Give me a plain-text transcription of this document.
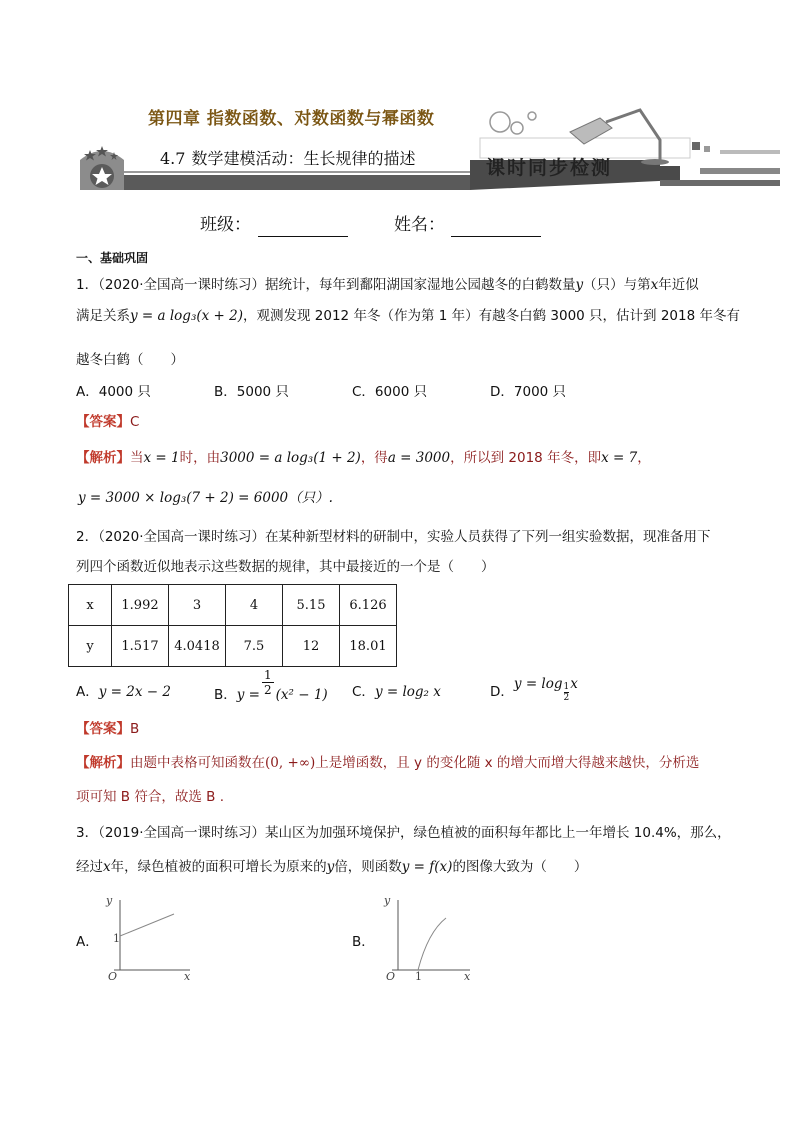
第四章 指数函数、对数函数与幂函数
4.7 数学建模活动：生长规律的描述	课时同步检测
班级：	姓名：
一、基础巩固
1．（2020·全国高一课时练习）据统计，每年到鄱阳湖国家湿地公园越冬的白鹤数量y（只）与第x年近似
满足关系y = a log₃(x + 2)，观测发现 2012 年冬（作为第 1 年）有越冬白鹤 3000 只，估计到 2018 年冬有
越冬白鹤（　　）
A．4000 只	B．5000 只	C．6000 只	D．7000 只
【答案】C
【解析】当x = 1时，由3000 = a log₃(1 + 2)，得a = 3000，所以到 2018 年冬，即x = 7，
y = 3000 × log₃(7 + 2) = 6000（只）.
2．（2020·全国高一课时练习）在某种新型材料的研制中，实验人员获得了下列一组实验数据，现准备用下
列四个函数近似地表示这些数据的规律，其中最接近的一个是（　　）
x	1.992	3	4	5.15	6.126
y	1.517	4.0418	7.5	12	18.01
A．y = 2x − 2	B．$y = \frac{1}{2} (x^2 - 1)$ C．y = log₂ x	D．$y = \log \frac{1}{2}$ x
【答案】B
【解析】由题中表格可知函数在(0, +∞)上是增函数，且 y 的变化随 x 的增大而增大得越来越快，分析选
项可知 B 符合，故选 B .
3．（2019·全国高一课时练习）某山区为加强环境保护，绿色植被的面积每年都比上一年增长 10.4%，那么，
经过x年，绿色植被的面积可增长为原来的y倍，则函数y = f(x)的图像大致为（　　）
A．
y
1
O	x
B．
y
O 1	x
